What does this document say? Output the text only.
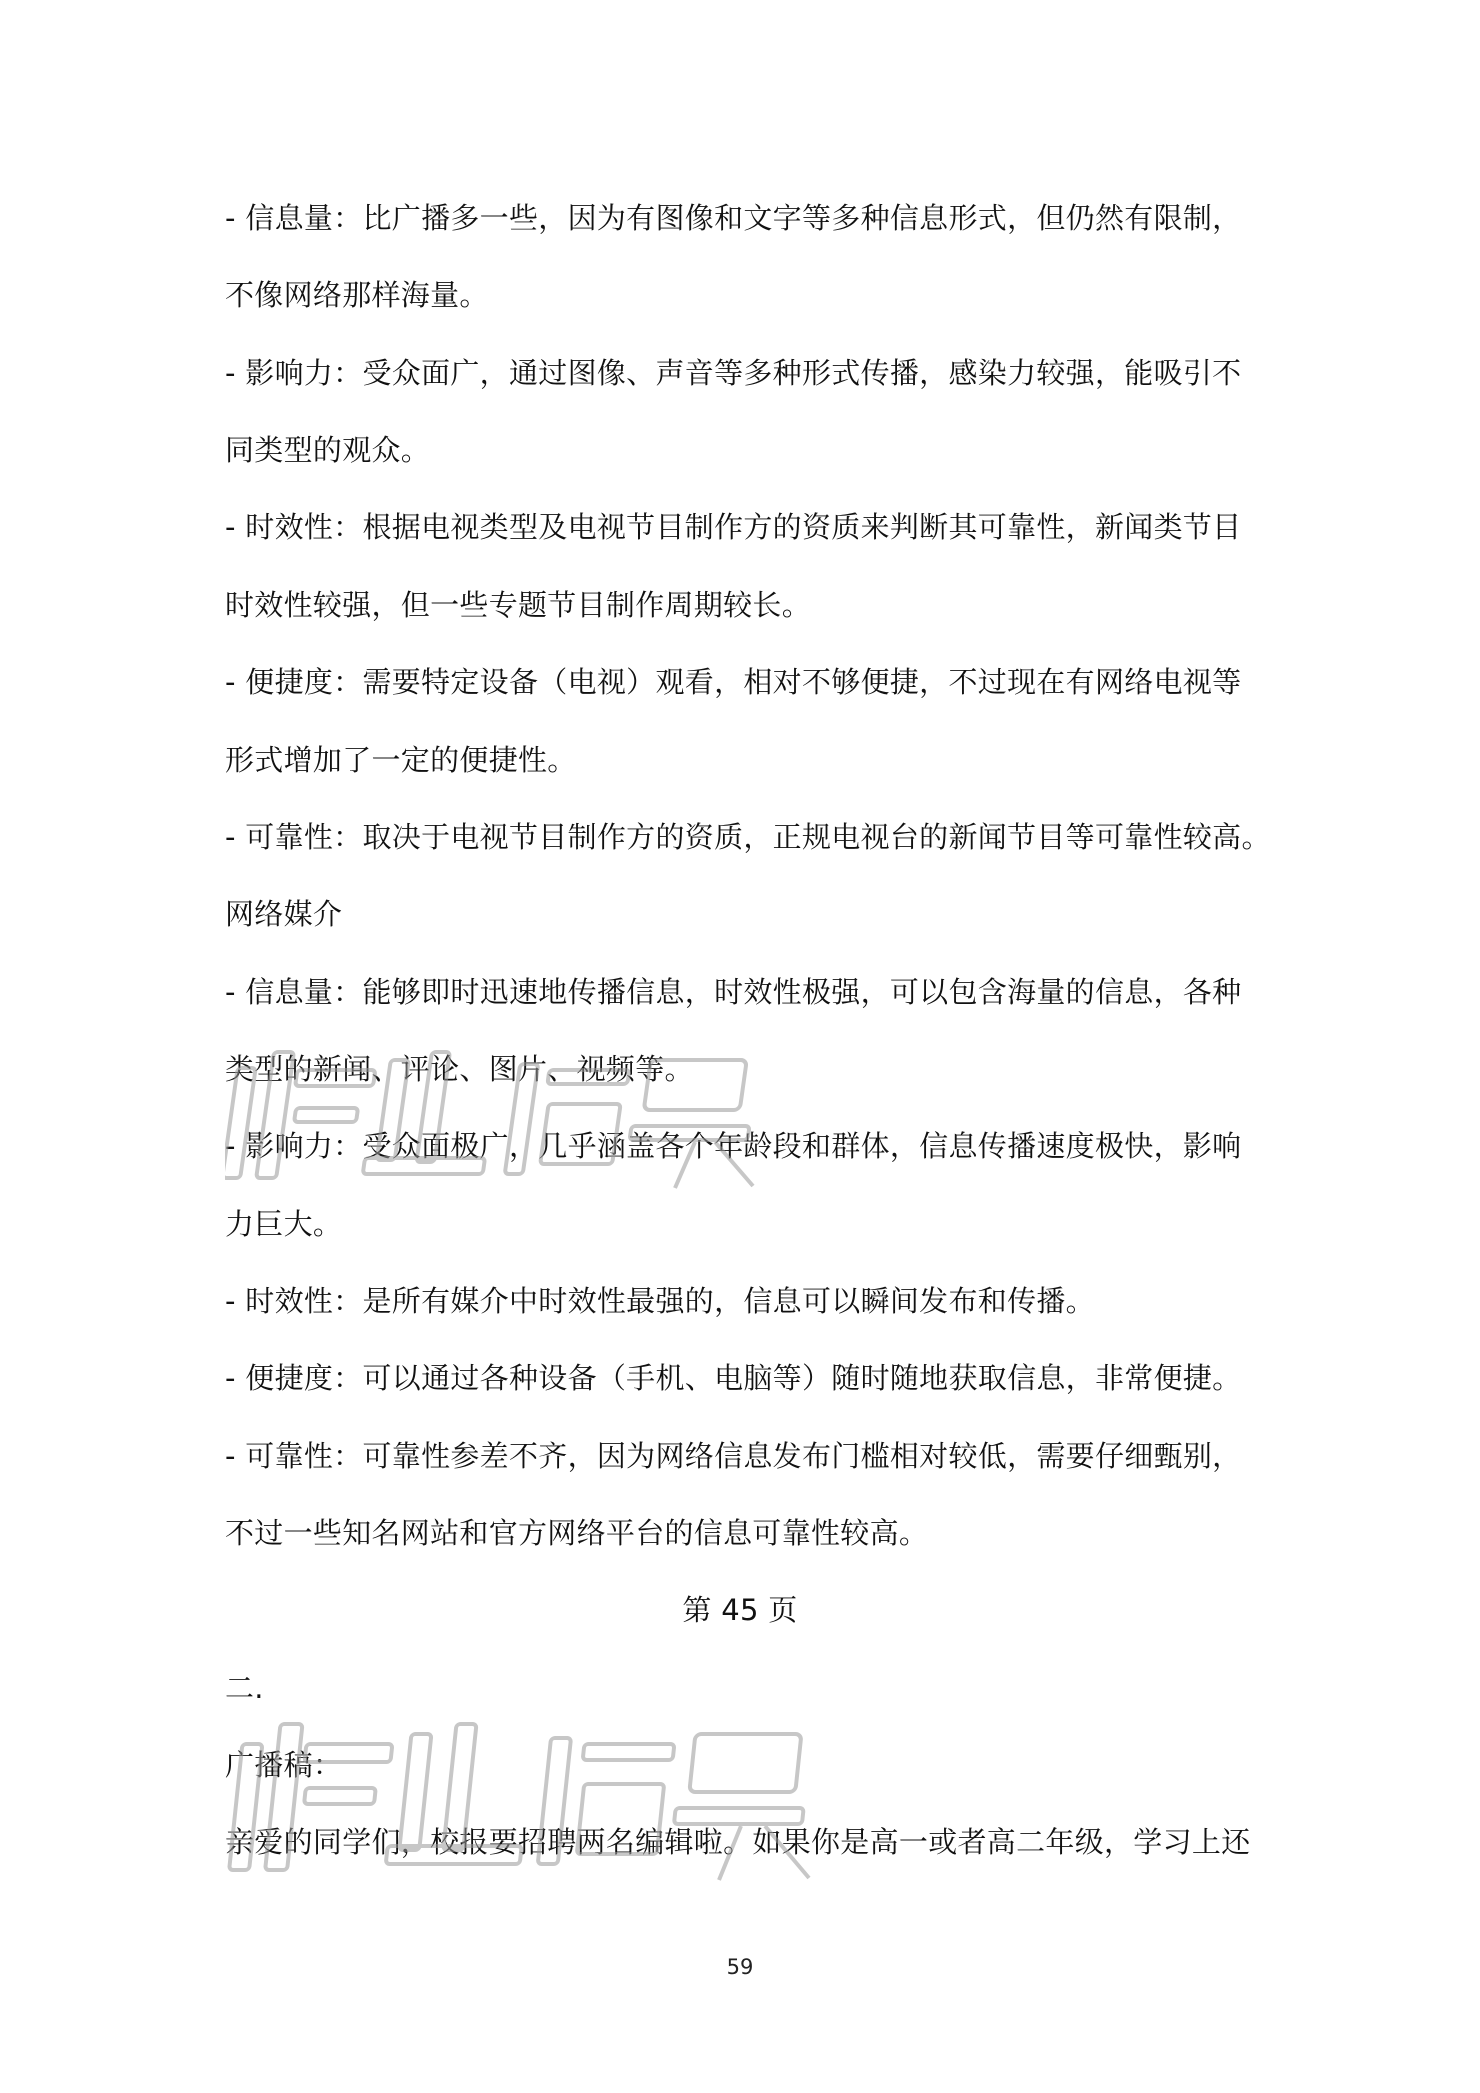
- 信息量：比广播多一些，因为有图像和文字等多种信息形式，但仍然有限制，
不像网络那样海量。
- 影响力：受众面广，通过图像、声音等多种形式传播，感染力较强，能吸引不
同类型的观众。
- 时效性：根据电视类型及电视节目制作方的资质来判断其可靠性，新闻类节目
时效性较强，但一些专题节目制作周期较长。
- 便捷度：需要特定设备（电视）观看，相对不够便捷，不过现在有网络电视等
形式增加了一定的便捷性。
- 可靠性：取决于电视节目制作方的资质，正规电视台的新闻节目等可靠性较高。
网络媒介
- 信息量：能够即时迅速地传播信息，时效性极强，可以包含海量的信息，各种
类型的新闻、评论、图片、视频等。
- 影响力：受众面极广，几乎涵盖各个年龄段和群体，信息传播速度极快，影响
力巨大。
- 时效性：是所有媒介中时效性最强的，信息可以瞬间发布和传播。
- 便捷度：可以通过各种设备（手机、电脑等）随时随地获取信息，非常便捷。
- 可靠性：可靠性参差不齐，因为网络信息发布门槛相对较低，需要仔细甄别，
不过一些知名网站和官方网络平台的信息可靠性较高。
第 45 页
二.
广播稿：
亲爱的同学们，校报要招聘两名编辑啦。如果你是高一或者高二年级，学习上还
59
